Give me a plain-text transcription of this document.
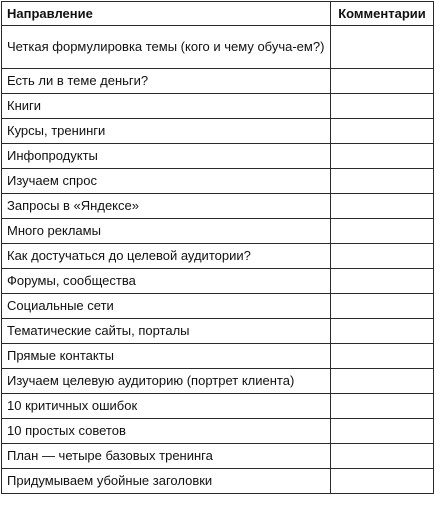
Направление	Комментарии
Четкая формулировка темы (кого и чему обуча-ем?)	
Есть ли в теме деньги?	
Книги	
Курсы, тренинги	
Инфопродукты	
Изучаем спрос	
Запросы в «Яндексе»	
Много рекламы	
Как достучаться до целевой аудитории?	
Форумы, сообщества	
Социальные сети	
Тематические сайты, порталы	
Прямые контакты	
Изучаем целевую аудиторию (портрет клиента)	
10 критичных ошибок	
10 простых советов	
План — четыре базовых тренинга	
Придумываем убойные заголовки	
